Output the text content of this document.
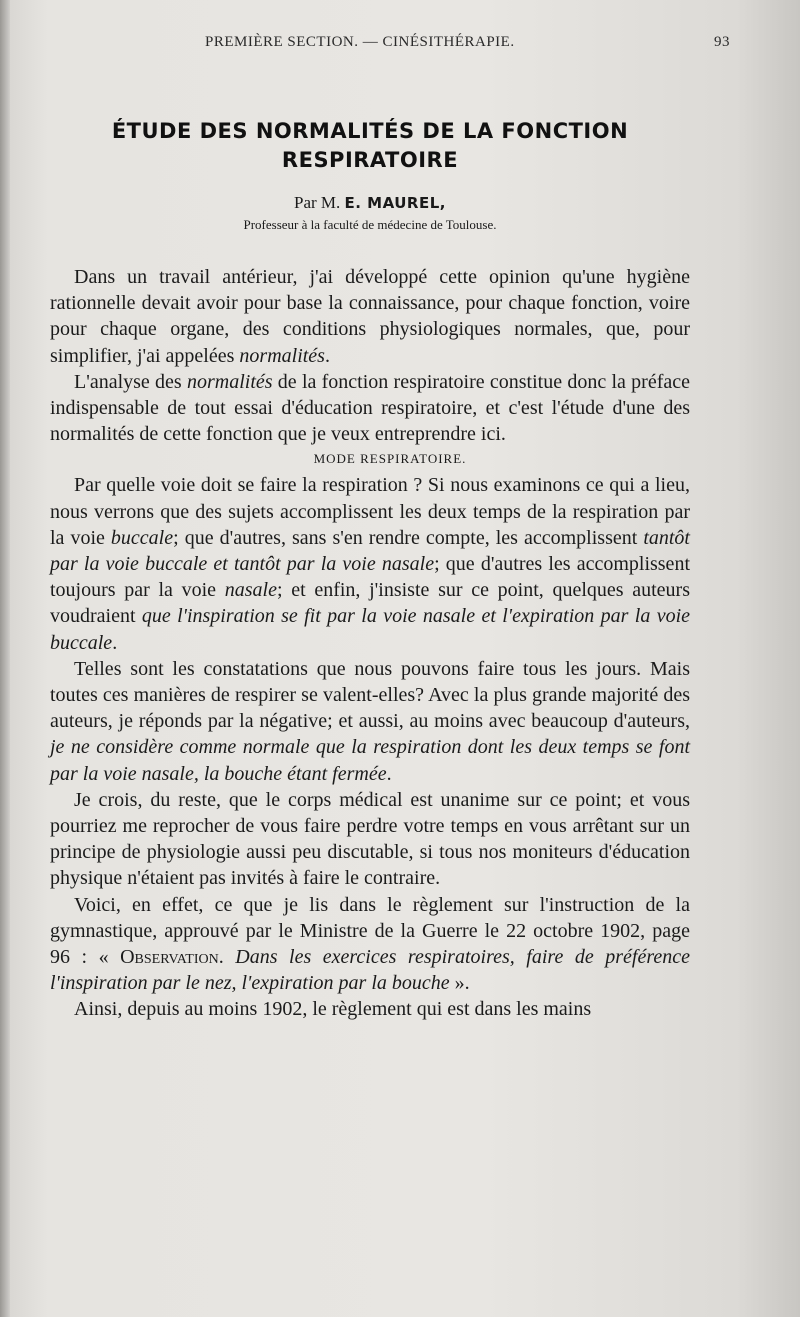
PREMIÈRE SECTION. — CINÉSITHÉRAPIE.	93
ÉTUDE DES NORMALITÉS DE LA FONCTION RESPIRATOIRE
Par M. E. MAUREL,
Professeur à la faculté de médecine de Toulouse.

Dans un travail antérieur, j'ai développé cette opinion qu'une hygiène rationnelle devait avoir pour base la connaissance, pour chaque fonction, voire pour chaque organe, des conditions physiologiques normales, que, pour simplifier, j'ai appelées normalités.

L'analyse des normalités de la fonction respiratoire constitue donc la préface indispensable de tout essai d'éducation respiratoire, et c'est l'étude d'une des normalités de cette fonction que je veux entreprendre ici.

MODE RESPIRATOIRE.

Par quelle voie doit se faire la respiration ? Si nous examinons ce qui a lieu, nous verrons que des sujets accomplissent les deux temps de la respiration par la voie buccale; que d'autres, sans s'en rendre compte, les accomplissent tantôt par la voie buccale et tantôt par la voie nasale; que d'autres les accomplissent toujours par la voie nasale; et enfin, j'insiste sur ce point, quelques auteurs voudraient que l'inspiration se fit par la voie nasale et l'expiration par la voie buccale.

Telles sont les constatations que nous pouvons faire tous les jours. Mais toutes ces manières de respirer se valent-elles? Avec la plus grande majorité des auteurs, je réponds par la négative; et aussi, au moins avec beaucoup d'auteurs, je ne considère comme normale que la respiration dont les deux temps se font par la voie nasale, la bouche étant fermée.

Je crois, du reste, que le corps médical est unanime sur ce point; et vous pourriez me reprocher de vous faire perdre votre temps en vous arrêtant sur un principe de physiologie aussi peu discutable, si tous nos moniteurs d'éducation physique n'étaient pas invités à faire le contraire.

Voici, en effet, ce que je lis dans le règlement sur l'instruction de la gymnastique, approuvé par le Ministre de la Guerre le 22 octobre 1902, page 96 : « Observation. Dans les exercices respiratoires, faire de préférence l'inspiration par le nez, l'expiration par la bouche ».

Ainsi, depuis au moins 1902, le règlement qui est dans les mains
